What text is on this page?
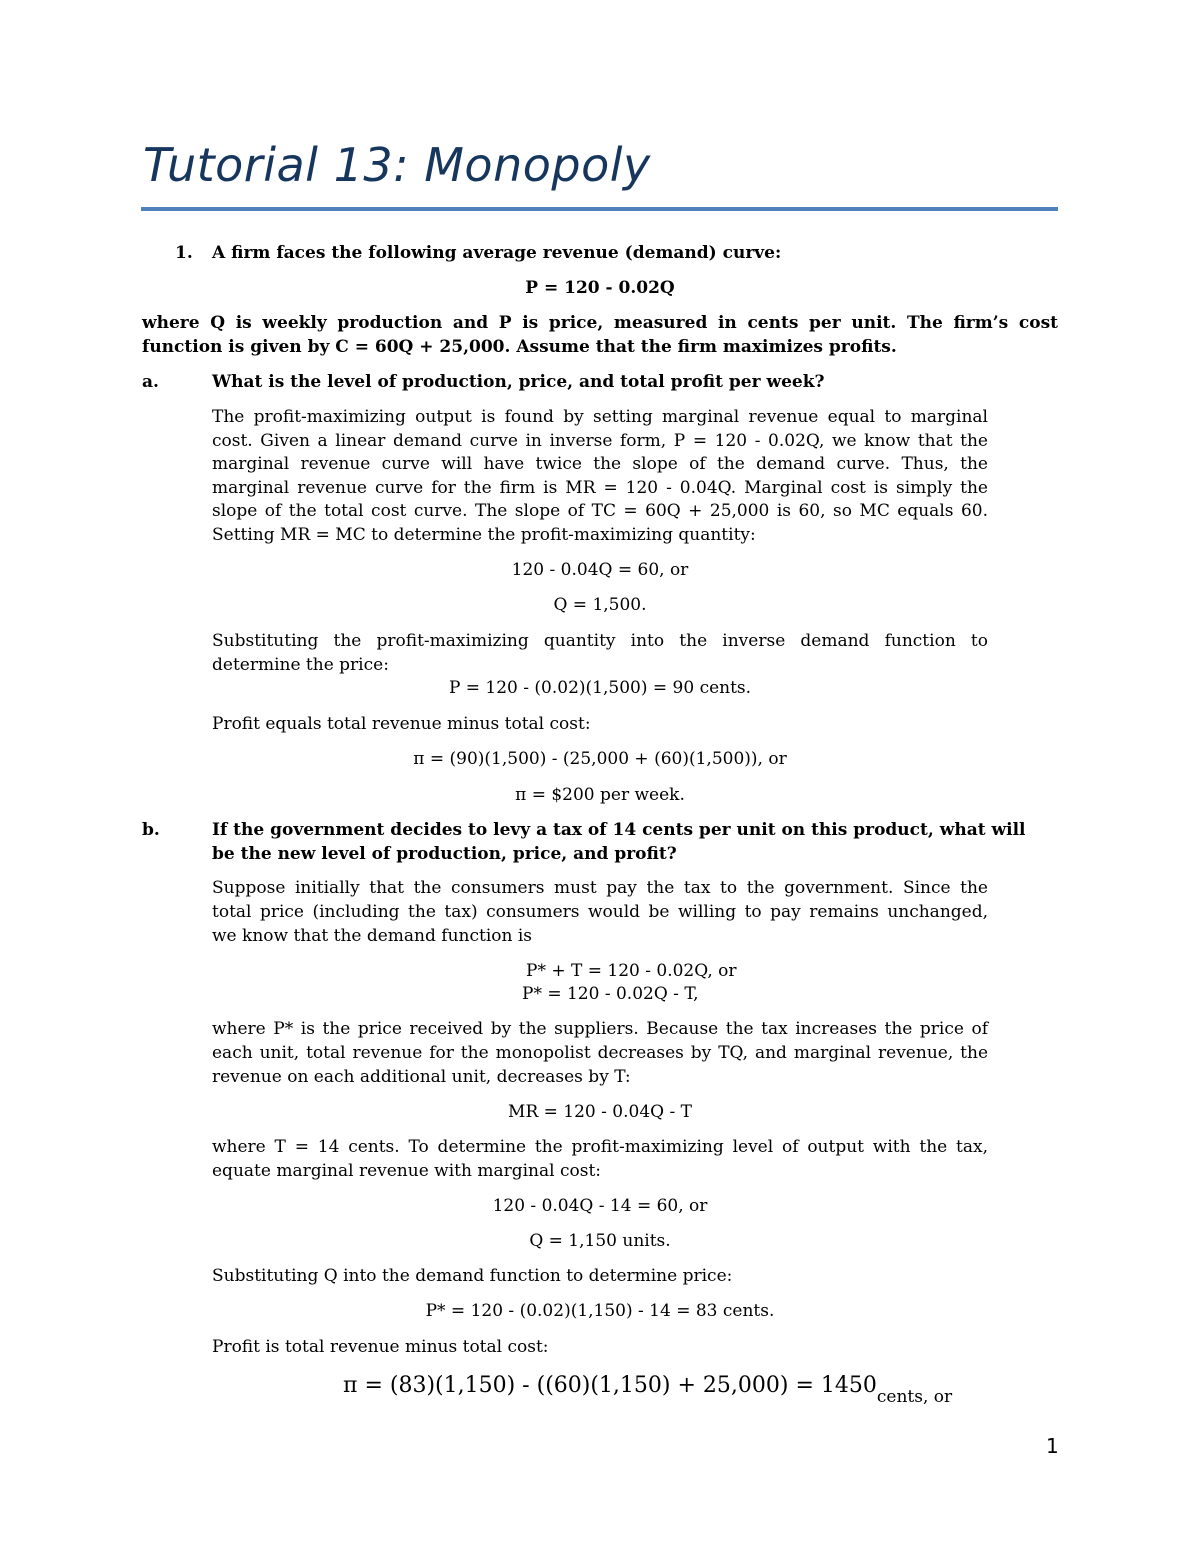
Tutorial 13: Monopoly
1. A firm faces the following average revenue (demand) curve:
P = 120 - 0.02Q
where Q is weekly production and P is price, measured in cents per unit. The firm’s cost
function is given by C = 60Q + 25,000. Assume that the firm maximizes profits.
a.	What is the level of production, price, and total profit per week?
The profit-maximizing output is found by setting marginal revenue equal to marginal
cost. Given a linear demand curve in inverse form, P = 120 - 0.02Q, we know that the
marginal revenue curve will have twice the slope of the demand curve. Thus, the
marginal revenue curve for the firm is MR = 120 - 0.04Q. Marginal cost is simply the
slope of the total cost curve. The slope of TC = 60Q + 25,000 is 60, so MC equals 60.
Setting MR = MC to determine the profit-maximizing quantity:
120 - 0.04Q = 60, or
Q = 1,500.
Substituting the profit-maximizing quantity into the inverse demand function to
determine the price:
P = 120 - (0.02)(1,500) = 90 cents.
Profit equals total revenue minus total cost:
π = (90)(1,500) - (25,000 + (60)(1,500)), or
π = $200 per week.
b.	If the government decides to levy a tax of 14 cents per unit on this product, what will
be the new level of production, price, and profit?
Suppose initially that the consumers must pay the tax to the government. Since the
total price (including the tax) consumers would be willing to pay remains unchanged,
we know that the demand function is
P* + T = 120 - 0.02Q, or
P* = 120 - 0.02Q - T,
where P* is the price received by the suppliers. Because the tax increases the price of
each unit, total revenue for the monopolist decreases by TQ, and marginal revenue, the
revenue on each additional unit, decreases by T:
MR = 120 - 0.04Q - T
where T = 14 cents. To determine the profit-maximizing level of output with the tax,
equate marginal revenue with marginal cost:
120 - 0.04Q - 14 = 60, or
Q = 1,150 units.
Substituting Q into the demand function to determine price:
P* = 120 - (0.02)(1,150) - 14 = 83 cents.
Profit is total revenue minus total cost:
$\pi = (83)(1,150) - ((60)(1,150) + 25,000) = 1450_{cents, or}$
1
